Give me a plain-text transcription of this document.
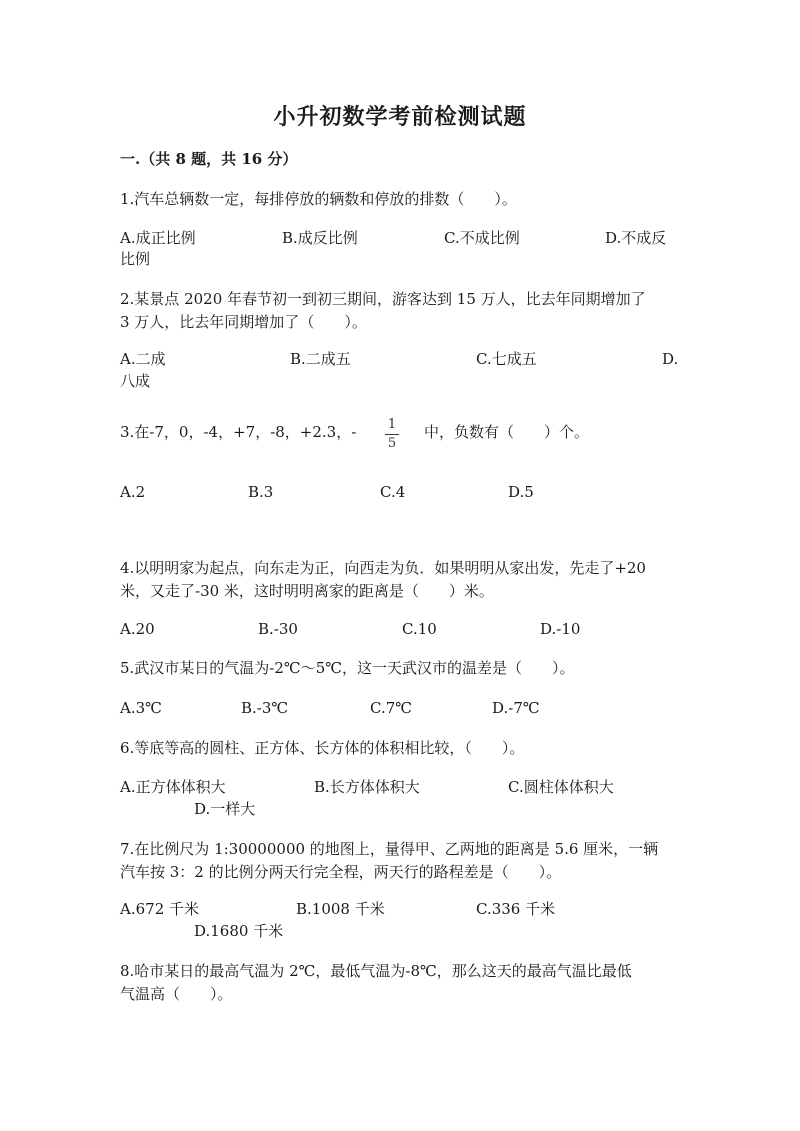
小升初数学考前检测试题
一.（共 8 题，共 16 分）
1.汽车总辆数一定，每排停放的辆数和停放的排数（　　）。
A.成正比例	B.成反比例	C.不成比例	D.不成反
比例
2.某景点 2020 年春节初一到初三期间，游客达到 15 万人，比去年同期增加了
3 万人，比去年同期增加了（　　）。
A.二成	B.二成五	C.七成五	D.
八成
3.在-7，0，-4，+7，-8，+2.3，- 1
5
中，负数有（　　）个。
A.2	B.3	C.4	D.5
4.以明明家为起点，向东走为正，向西走为负．如果明明从家出发，先走了+20
米，又走了-30 米，这时明明离家的距离是（　　）米。
A.20	B.-30	C.10	D.-10
5.武汉市某日的气温为-2℃～5℃，这一天武汉市的温差是（　　）。
A.3℃	B.-3℃	C.7℃	D.-7℃
6.等底等高的圆柱、正方体、长方体的体积相比较，（　　）。
A.正方体体积大	B.长方体体积大	C.圆柱体体积大
D.一样大
7.在比例尺为 1:30000000 的地图上，量得甲、乙两地的距离是 5.6 厘米，一辆
汽车按 3：2 的比例分两天行完全程，两天行的路程差是（　　）。
A.672 千米	B.1008 千米	C.336 千米
D.1680 千米
8.哈市某日的最高气温为 2℃，最低气温为-8℃，那么这天的最高气温比最低
气温高（　　）。
